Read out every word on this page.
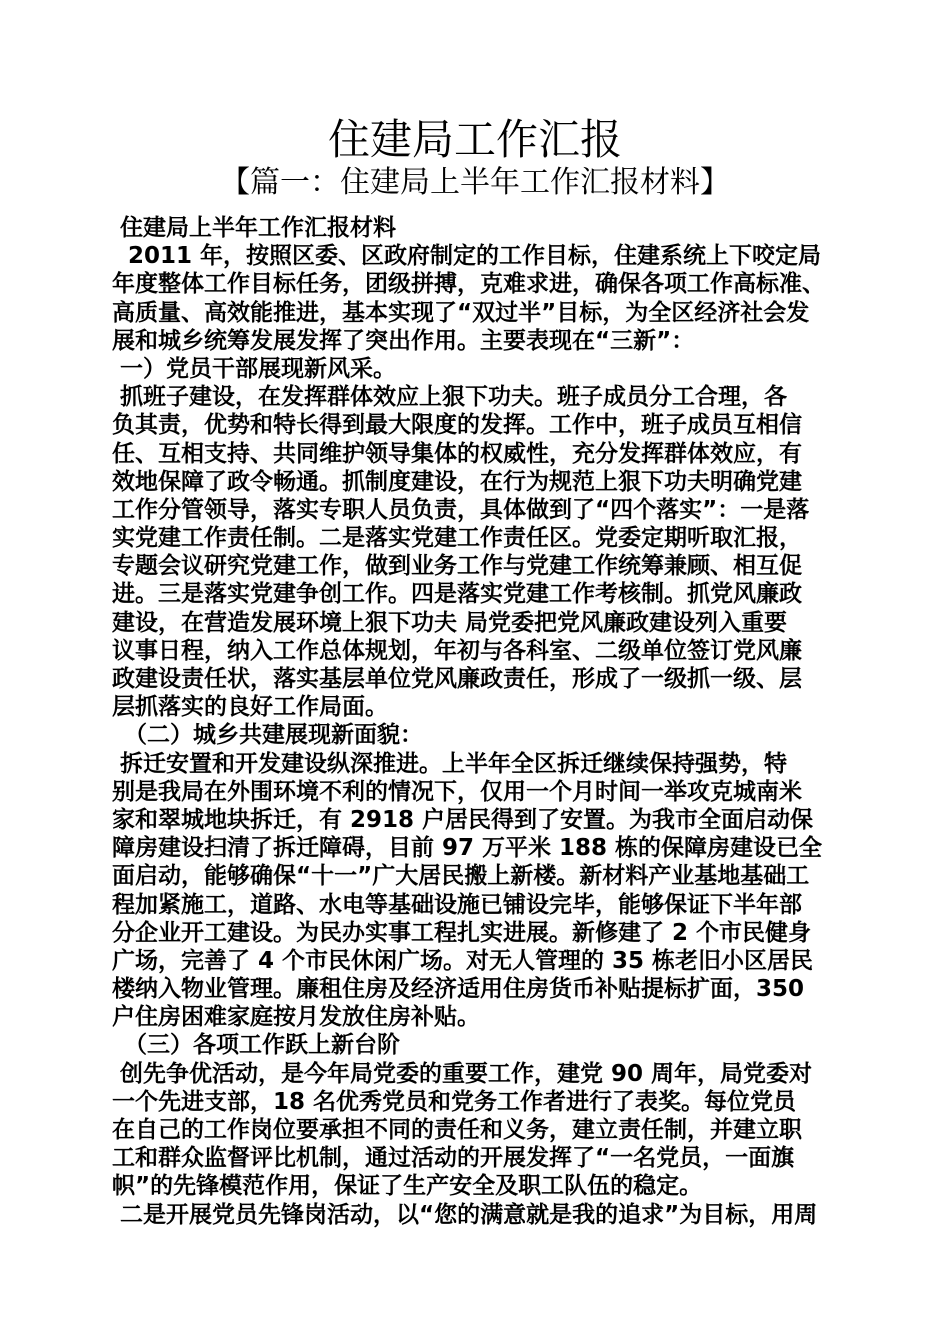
住建局工作汇报
【篇一：住建局上半年工作汇报材料】
住建局上半年工作汇报材料
2011 年，按照区委、区政府制定的工作目标，住建系统上下咬定局
年度整体工作目标任务，团级拼搏，克难求进，确保各项工作高标准、
高质量、高效能推进，基本实现了“双过半”目标，为全区经济社会发
展和城乡统筹发展发挥了突出作用。主要表现在“三新”：
一）党员干部展现新风采。
抓班子建设，在发挥群体效应上狠下功夫。班子成员分工合理，各
负其责，优势和特长得到最大限度的发挥。工作中，班子成员互相信
任、互相支持、共同维护领导集体的权威性，充分发挥群体效应，有
效地保障了政令畅通。抓制度建设，在行为规范上狠下功夫明确党建
工作分管领导，落实专职人员负责，具体做到了“四个落实”：一是落
实党建工作责任制。二是落实党建工作责任区。党委定期听取汇报，
专题会议研究党建工作，做到业务工作与党建工作统筹兼顾、相互促
进。三是落实党建争创工作。四是落实党建工作考核制。抓党风廉政
建设，在营造发展环境上狠下功夫 局党委把党风廉政建设列入重要
议事日程，纳入工作总体规划，年初与各科室、二级单位签订党风廉
政建设责任状，落实基层单位党风廉政责任，形成了一级抓一级、层
层抓落实的良好工作局面。
（二）城乡共建展现新面貌：
拆迁安置和开发建设纵深推进。上半年全区拆迁继续保持强势，特
别是我局在外围环境不利的情况下，仅用一个月时间一举攻克城南米
家和翠城地块拆迁，有 2918 户居民得到了安置。为我市全面启动保
障房建设扫清了拆迁障碍，目前 97 万平米 188 栋的保障房建设已全
面启动，能够确保“十一”广大居民搬上新楼。新材料产业基地基础工
程加紧施工，道路、水电等基础设施已铺设完毕，能够保证下半年部
分企业开工建设。为民办实事工程扎实进展。新修建了 2 个市民健身
广场，完善了 4 个市民休闲广场。对无人管理的 35 栋老旧小区居民
楼纳入物业管理。廉租住房及经济适用住房货币补贴提标扩面，350
户住房困难家庭按月发放住房补贴。
（三）各项工作跃上新台阶
创先争优活动，是今年局党委的重要工作，建党 90 周年，局党委对
一个先进支部，18 名优秀党员和党务工作者进行了表奖。每位党员
在自己的工作岗位要承担不同的责任和义务，建立责任制，并建立职
工和群众监督评比机制，通过活动的开展发挥了“一名党员，一面旗
帜”的先锋模范作用，保证了生产安全及职工队伍的稳定。
二是开展党员先锋岗活动，以“您的满意就是我的追求”为目标，用周
